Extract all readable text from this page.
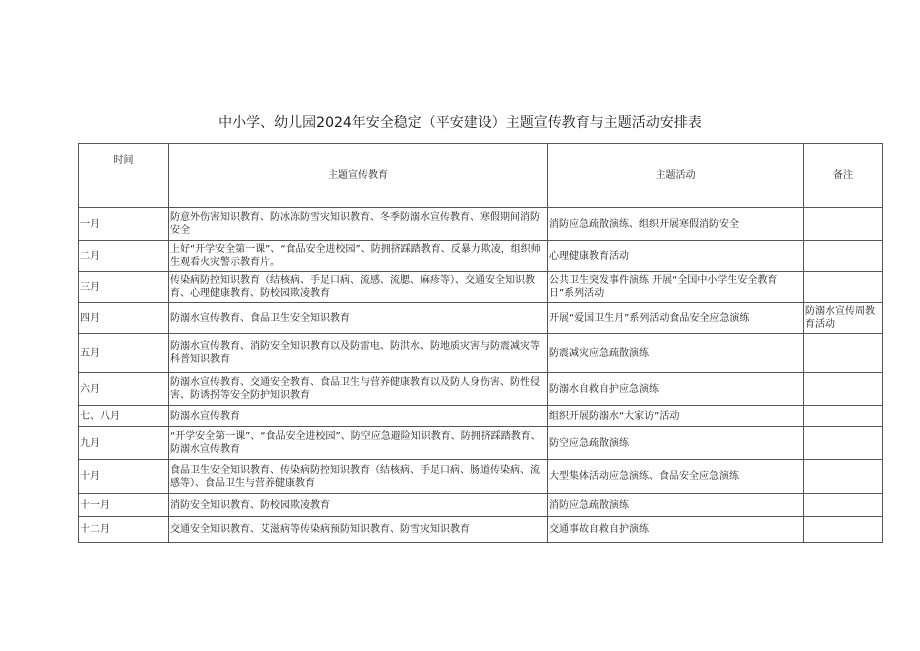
中小学、幼儿园2024年安全稳定（平安建设）主题宣传教育与主题活动安排表
时间	主题宣传教育	主题活动	备注
一月	防意外伤害知识教育、防冰冻防雪灾知识教育、冬季防溺水宣传教育、寒假期间消防安全	消防应急疏散演练、组织开展寒假消防安全	
二月	上好“开学安全第一课”、“食品安全进校园”、防拥挤踩踏教育、反暴力欺凌，组织师生观看火灾警示教育片。	心理健康教育活动	
三月	传染病防控知识教育（结核病、手足口病、流感、流腮、麻疹等）、交通安全知识教育、心理健康教育、防校园欺凌教育	公共卫生突发事件演练 开展“全国中小学生安全教育日”系列活动	
四月	防溺水宣传教育、食品卫生安全知识教育	开展“爱国卫生月”系列活动食品安全应急演练	防溺水宣传周教育活动
五月	防溺水宣传教育、消防安全知识教育以及防雷电、防洪水、防地质灾害与防震减灾等科普知识教育	防震减灾应急疏散演练	
六月	防溺水宣传教育、交通安全教育、食品卫生与营养健康教育以及防人身伤害、防性侵害、防诱拐等安全防护知识教育	防溺水自救自护应急演练	
七、八月	防溺水宣传教育	组织开展防溺水“大家访”活动	
九月	“开学安全第一课”、“食品安全进校园”、防空应急避险知识教育、防拥挤踩踏教育、防溺水宣传教育	防空应急疏散演练	
十月	食品卫生安全知识教育、传染病防控知识教育（结核病、手足口病、肠道传染病、流感等）、食品卫生与营养健康教育	大型集体活动应急演练、食品安全应急演练	
十一月	消防安全知识教育、防校园欺凌教育	消防应急疏散演练	
十二月	交通安全知识教育、艾滋病等传染病预防知识教育、防雪灾知识教育	交通事故自救自护演练	
